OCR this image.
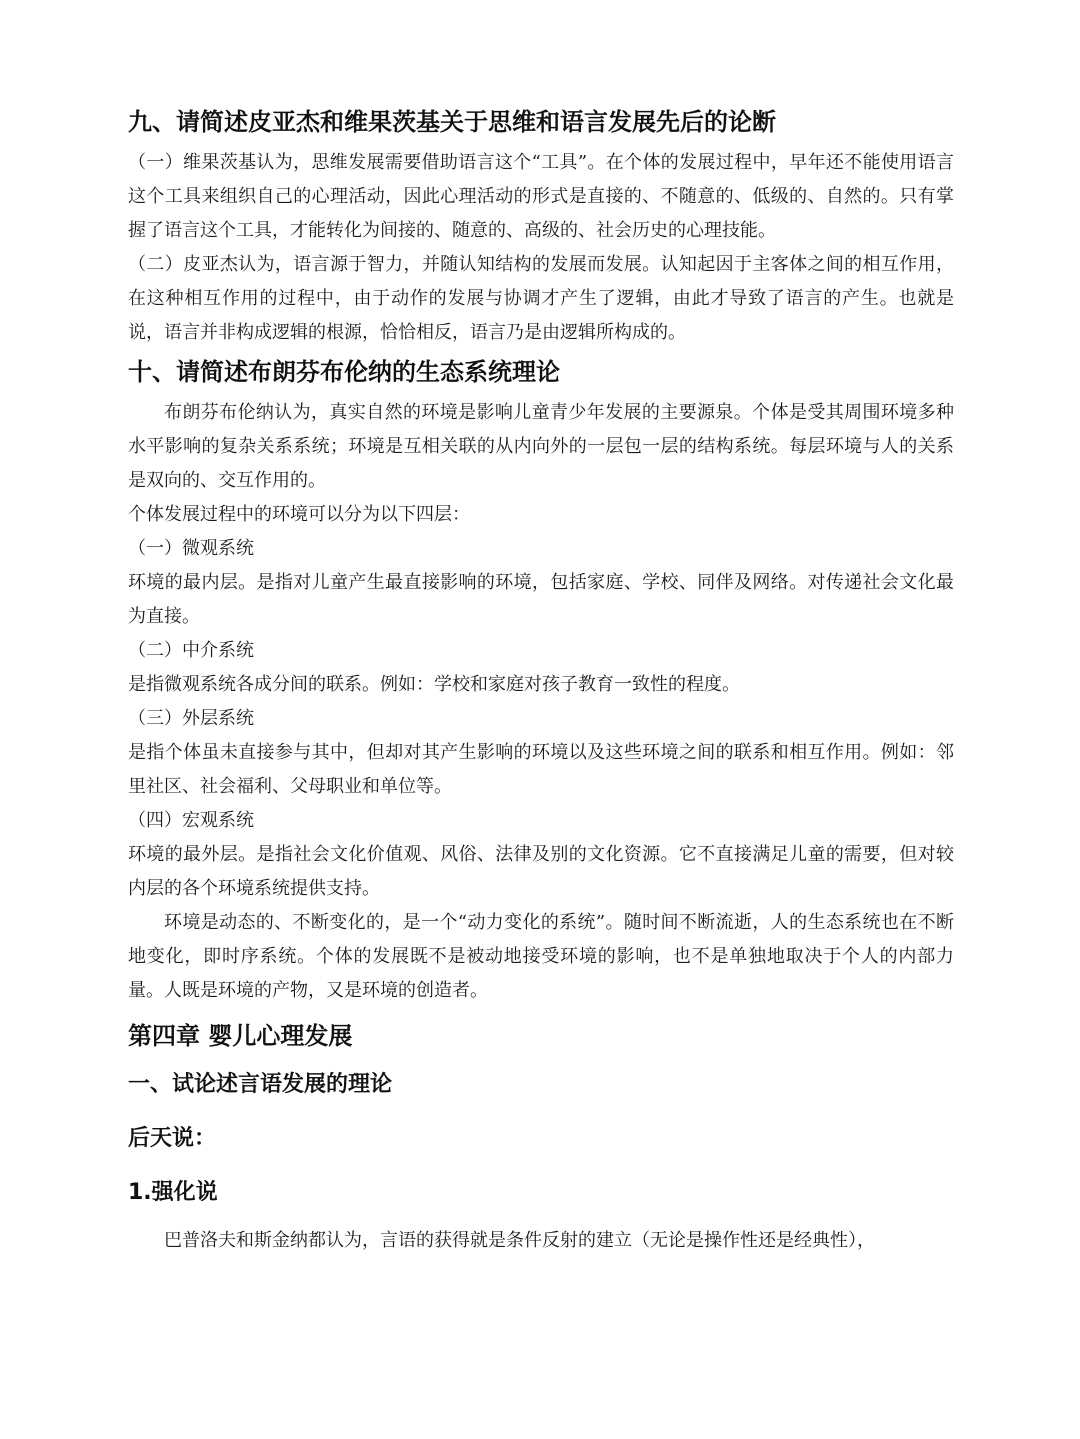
九、请简述皮亚杰和维果茨基关于思维和语言发展先后的论断

（一）维果茨基认为，思维发展需要借助语言这个“工具”。在个体的发展过程中，早年还不能使用语言这个工具来组织自己的心理活动，因此心理活动的形式是直接的、不随意的、低级的、自然的。只有掌握了语言这个工具，才能转化为间接的、随意的、高级的、社会历史的心理技能。

（二）皮亚杰认为，语言源于智力，并随认知结构的发展而发展。认知起因于主客体之间的相互作用，在这种相互作用的过程中，由于动作的发展与协调才产生了逻辑，由此才导致了语言的产生。也就是说，语言并非构成逻辑的根源，恰恰相反，语言乃是由逻辑所构成的。

十、请简述布朗芬布伦纳的生态系统理论

布朗芬布伦纳认为，真实自然的环境是影响儿童青少年发展的主要源泉。个体是受其周围环境多种水平影响的复杂关系系统；环境是互相关联的从内向外的一层包一层的结构系统。每层环境与人的关系是双向的、交互作用的。

个体发展过程中的环境可以分为以下四层：

（一）微观系统

环境的最内层。是指对儿童产生最直接影响的环境，包括家庭、学校、同伴及网络。对传递社会文化最为直接。

（二）中介系统

是指微观系统各成分间的联系。例如：学校和家庭对孩子教育一致性的程度。

（三）外层系统

是指个体虽未直接参与其中，但却对其产生影响的环境以及这些环境之间的联系和相互作用。例如：邻里社区、社会福利、父母职业和单位等。

（四）宏观系统

环境的最外层。是指社会文化价值观、风俗、法律及别的文化资源。它不直接满足儿童的需要，但对较内层的各个环境系统提供支持。

环境是动态的、不断变化的，是一个“动力变化的系统”。随时间不断流逝，人的生态系统也在不断地变化，即时序系统。个体的发展既不是被动地接受环境的影响，也不是单独地取决于个人的内部力量。人既是环境的产物，又是环境的创造者。

第四章 婴儿心理发展
一、试论述言语发展的理论
后天说：
1.强化说

巴普洛夫和斯金纳都认为，言语的获得就是条件反射的建立（无论是操作性还是经典性），
